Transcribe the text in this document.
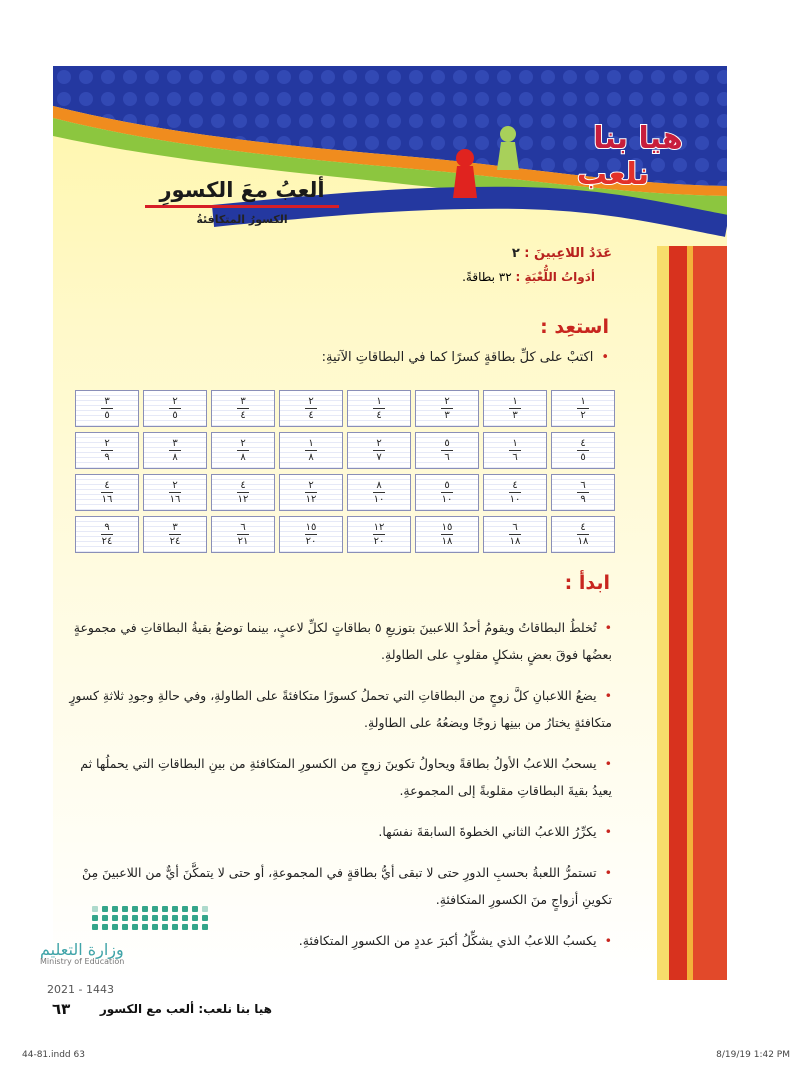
هيا بنا
نلعب
ألعبُ معَ الكسورِ
الكسورُ المتكافئةُ
عَدَدُ اللاعِبينَ : ٢
أدَواتُ اللُّعْبَةِ : ٣٢ بطاقةً.
استعِد :
•اكتبْ على كلِّ بطاقةٍ كسرًا كما في البطاقاتِ الآتيةِ:
$\frac{١}{٢}$
$\frac{١}{٣}$
$\frac{٢}{٣}$
$\frac{١}{٤}$
$\frac{٢}{٤}$
$\frac{٣}{٤}$
$\frac{٢}{٥}$
$\frac{٣}{٥}$
$\frac{٤}{٥}$
$\frac{١}{٦}$
$\frac{٥}{٦}$
$\frac{٢}{٧}$
$\frac{١}{٨}$
$\frac{٢}{٨}$
$\frac{٣}{٨}$
$\frac{٢}{٩}$
$\frac{٦}{٩}$
$\frac{٤}{١٠}$
$\frac{٥}{١٠}$
$\frac{٨}{١٠}$
$\frac{٢}{١٢}$
$\frac{٤}{١٢}$
$\frac{٢}{١٦}$
$\frac{٤}{١٦}$
$\frac{٤}{١٨}$
$\frac{٦}{١٨}$
$\frac{١٥}{١٨}$
$\frac{١٢}{٢٠}$
$\frac{١٥}{٢٠}$
$\frac{٦}{٢١}$
$\frac{٣}{٢٤}$
$\frac{٩}{٢٤}$
ابدأ :
•تُخلطُ البطاقاتُ ويقومُ أحدُ اللاعبينَ بتوزيعِ ٥ بطاقاتٍ لكلِّ لاعبٍ، بينما توضعُ بقيةُ البطاقاتِ في مجموعةٍ بعضُها فوقَ بعضٍ بشكلٍ مقلوبٍ على الطاولةِ.
•يضعُ اللاعبانِ كلَّ زوجٍ من البطاقاتِ التي تحملُ كسورًا متكافئةً على الطاولةِ، وفي حالةِ وجودِ ثلاثةِ كسورٍ متكافئةٍ يختارُ من بينِها زوجًا ويضعُهُ على الطاولةِ.
•يسحبُ اللاعبُ الأولُ بطاقةً ويحاولُ تكوينَ زوجٍ من الكسورِ المتكافئةِ من بينِ البطاقاتِ التي يحملُها ثم يعيدُ بقيةَ البطاقاتِ مقلوبةً إلى المجموعةِ.
•يكرِّرُ اللاعبُ الثاني الخطوةَ السابقةَ نفسَها.
•تستمرُّ اللعبةُ بحسبِ الدورِ حتى لا تبقى أيُّ بطاقةٍ في المجموعةِ، أو حتى لا يتمكَّنَ أيٌّ من اللاعبينَ مِنْ تكوينِ أزواجٍ منَ الكسورِ المتكافئةِ.
•يكسبُ اللاعبُ الذي يشكِّلُ أكبرَ عددٍ من الكسورِ المتكافئةِ.
وزارة التعليم
Ministry of Education
2021 - 1443
هيا بنا نلعب: ألعب مع الكسور
٦٣
44-81.indd 63	8/19/19 1:42 PM
